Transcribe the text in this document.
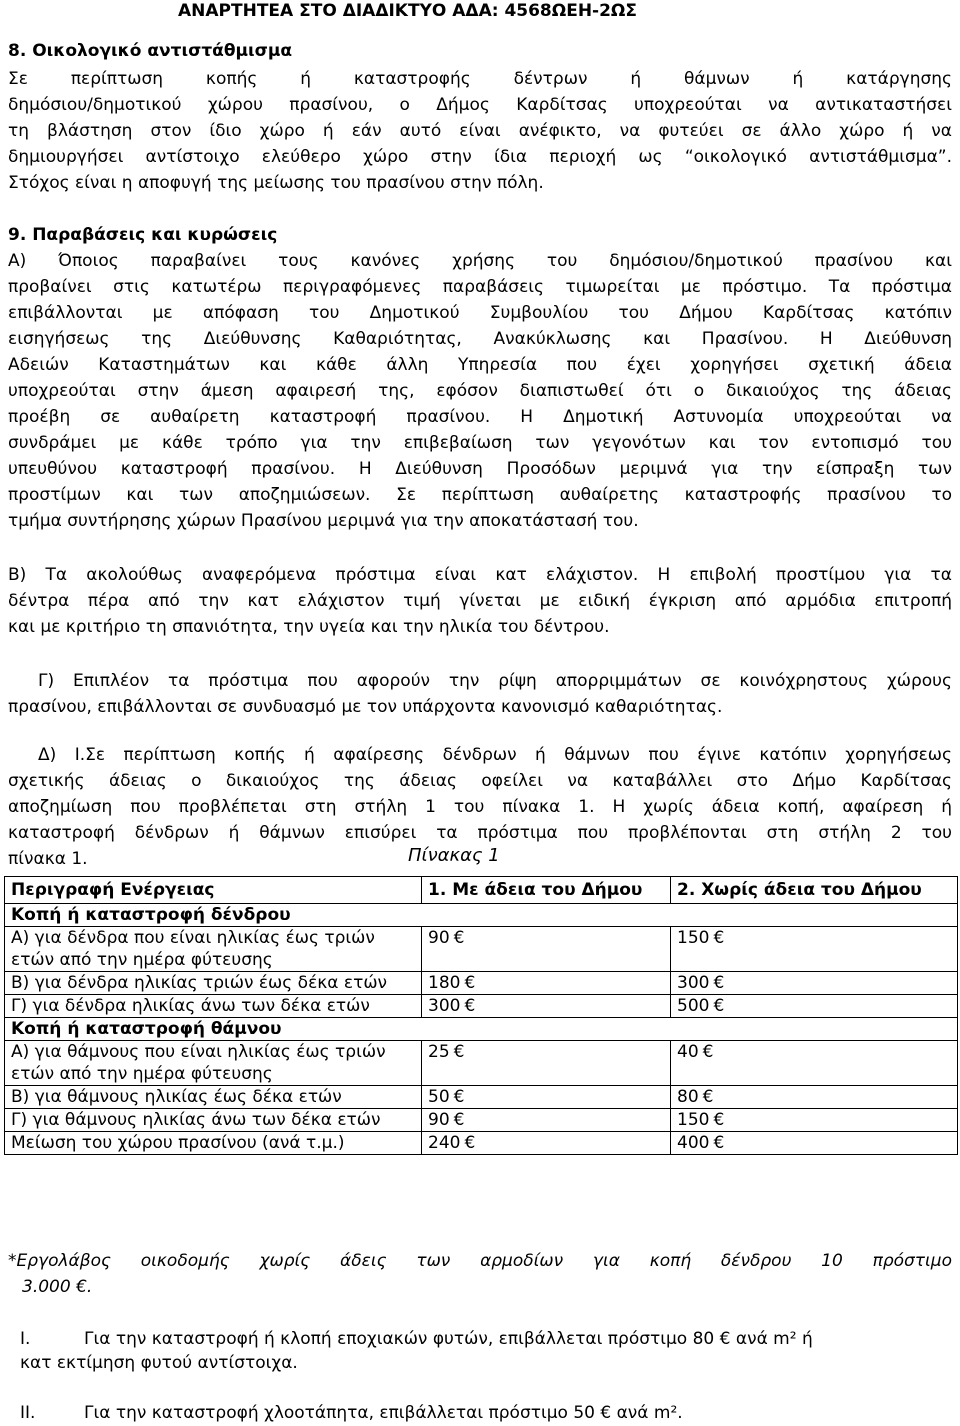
ΑΝΑΡΤΗΤΕΑ ΣΤΟ ΔΙΑΔΙΚΤΥΟ ΑΔΑ: 4568ΩΕΗ-2ΩΣ
8. Οικολογικό αντιστάθμισμα
Σε περίπτωση κοπής ή καταστροφής δέντρων ή θάμνων ή κατάργησης
δημόσιου/δημοτικού χώρου πρασίνου, ο Δήμος Καρδίτσας υποχρεούται να αντικαταστήσει
τη βλάστηση στον ίδιο χώρο ή εάν αυτό είναι ανέφικτο, να φυτεύει σε άλλο χώρο ή να
δημιουργήσει αντίστοιχο ελεύθερο χώρο στην ίδια περιοχή ως “οικολογικό αντιστάθμισμα”.
Στόχος είναι η αποφυγή της μείωσης του πρασίνου στην πόλη.
9. Παραβάσεις και κυρώσεις
Α) Όποιος παραβαίνει τους κανόνες χρήσης του δημόσιου/δημοτικού πρασίνου και
προβαίνει στις κατωτέρω περιγραφόμενες παραβάσεις τιμωρείται με πρόστιμο. Τα πρόστιμα
επιβάλλονται με απόφαση του Δημοτικού Συμβουλίου του Δήμου Καρδίτσας κατόπιν
εισηγήσεως της Διεύθυνσης Καθαριότητας, Ανακύκλωσης και Πρασίνου. Η Διεύθυνση
Αδειών Καταστημάτων και κάθε άλλη Υπηρεσία που έχει χορηγήσει σχετική άδεια
υποχρεούται στην άμεση αφαιρεσή της, εφόσον διαπιστωθεί ότι ο δικαιούχος της άδειας
προέβη σε αυθαίρετη καταστροφή πρασίνου. Η Δημοτική Αστυνομία υποχρεούται να
συνδράμει με κάθε τρόπο για την επιβεβαίωση των γεγονότων και τον εντοπισμό του
υπευθύνου καταστροφή πρασίνου. Η Διεύθυνση Προσόδων μεριμνά για την είσπραξη των
προστίμων και των αποζημιώσεων. Σε περίπτωση αυθαίρετης καταστροφής πρασίνου το
τμήμα συντήρησης χώρων Πρασίνου μεριμνά για την αποκατάστασή του.
Β) Τα ακολούθως αναφερόμενα πρόστιμα είναι κατ ελάχιστον. Η επιβολή προστίμου για τα
δέντρα πέρα από την κατ ελάχιστον τιμή γίνεται με ειδική έγκριση από αρμόδια επιτροπή
και με κριτήριο τη σπανιότητα, την υγεία και την ηλικία του δέντρου.
Γ) Επιπλέον τα πρόστιμα που αφορούν την ρίψη απορριμμάτων σε κοινόχρηστους χώρους
πρασίνου, επιβάλλονται σε συνδυασμό με τον υπάρχοντα κανονισμό καθαριότητας.
Δ) Ι.Σε περίπτωση κοπής ή αφαίρεσης δένδρων ή θάμνων που έγινε κατόπιν χορηγήσεως
σχετικής άδειας ο δικαιούχος της άδειας οφείλει να καταβάλλει στο Δήμο Καρδίτσας
αποζημίωση που προβλέπεται στη στήλη 1 του πίνακα 1. Η χωρίς άδεια κοπή, αφαίρεση ή
καταστροφή δένδρων ή θάμνων επισύρει τα πρόστιμα που προβλέπονται στη στήλη 2 του
πίνακα 1.	Πίνακας 1
Περιγραφή Ενέργειας	1. Με άδεια του Δήμου	2. Χωρίς άδεια του Δήμου
Κοπή ή καταστροφή δένδρου		
Α) για δένδρα που είναι ηλικίας έως τριών ετών από την ημέρα φύτευσης	90 €	150 €
Β) για δένδρα ηλικίας τριών έως δέκα ετών	180 €	300 €
Γ) για δένδρα ηλικίας άνω των δέκα ετών	300 €	500 €
Κοπή ή καταστροφή θάμνου		
Α) για θάμνους που είναι ηλικίας έως τριών ετών από την ημέρα φύτευσης	25 €	40 €
Β) για θάμνους ηλικίας έως δέκα ετών	50 €	80 €
Γ) για θάμνους ηλικίας άνω των δέκα ετών	90 €	150 €
Μείωση του χώρου πρασίνου (ανά τ.μ.)	240 €	400 €
*Εργολάβος οικοδομής χωρίς άδεις των αρμοδίων για κοπή δένδρου 10 πρόστιμο
3.000 €.
Ι.	Για την καταστροφή ή κλοπή εποχιακών φυτών, επιβάλλεται πρόστιμο 80 € ανά m² ή
κατ εκτίμηση φυτού αντίστοιχα.
ΙΙ.	Για την καταστροφή χλοοτάπητα, επιβάλλεται πρόστιμο 50 € ανά m².
